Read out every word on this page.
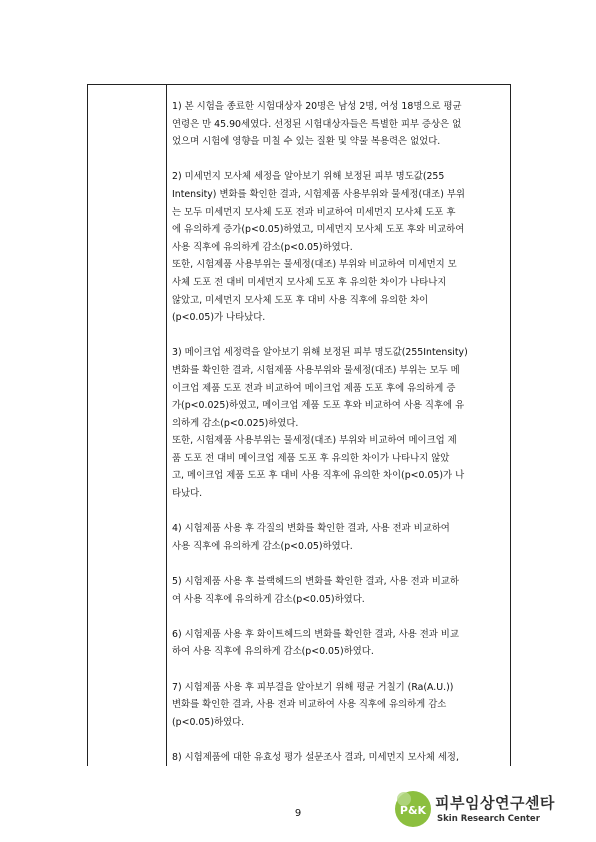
1) 본 시험을 종료한 시험대상자 20명은 남성 2명, 여성 18명으로 평균
연령은 만 45.90세였다. 선정된 시험대상자들은 특별한 피부 증상은 없
었으며 시험에 영향을 미칠 수 있는 질환 및 약물 복용력은 없었다.
2) 미세먼지 모사체 세정을 알아보기 위해 보정된 피부 명도값(255
Intensity) 변화를 확인한 결과, 시험제품 사용부위와 물세정(대조) 부위
는 모두 미세먼지 모사체 도포 전과 비교하여 미세먼지 모사체 도포 후
에 유의하게 증가(p<0.05)하였고, 미세먼지 모사체 도포 후와 비교하여
사용 직후에 유의하게 감소(p<0.05)하였다.
또한, 시험제품 사용부위는 물세정(대조) 부위와 비교하여 미세먼지 모
사체 도포 전 대비 미세먼지 모사체 도포 후 유의한 차이가 나타나지
않았고, 미세먼지 모사체 도포 후 대비 사용 직후에 유의한 차이
(p<0.05)가 나타났다.
3) 메이크업 세정력을 알아보기 위해 보정된 피부 명도값(255Intensity)
변화를 확인한 결과, 시험제품 사용부위와 물세정(대조) 부위는 모두 메
이크업 제품 도포 전과 비교하여 메이크업 제품 도포 후에 유의하게 증
가(p<0.025)하였고, 메이크업 제품 도포 후와 비교하여 사용 직후에 유
의하게 감소(p<0.025)하였다.
또한, 시험제품 사용부위는 물세정(대조) 부위와 비교하여 메이크업 제
품 도포 전 대비 메이크업 제품 도포 후 유의한 차이가 나타나지 않았
고, 메이크업 제품 도포 후 대비 사용 직후에 유의한 차이(p<0.05)가 나
타났다.
4) 시험제품 사용 후 각질의 변화를 확인한 결과, 사용 전과 비교하여
사용 직후에 유의하게 감소(p<0.05)하였다.
5) 시험제품 사용 후 블랙헤드의 변화를 확인한 결과, 사용 전과 비교하
여 사용 직후에 유의하게 감소(p<0.05)하였다.
6) 시험제품 사용 후 화이트헤드의 변화를 확인한 결과, 사용 전과 비교
하여 사용 직후에 유의하게 감소(p<0.05)하였다.
7) 시험제품 사용 후 피부결을 알아보기 위해 평균 거칠기 (Ra(A.U.))
변화를 확인한 결과, 사용 전과 비교하여 사용 직후에 유의하게 감소
(p<0.05)하였다.
8) 시험제품에 대한 유효성 평가 설문조사 결과, 미세먼지 모사체 세정,
9	P&K 피부임상연구센타
Skin Research Center
